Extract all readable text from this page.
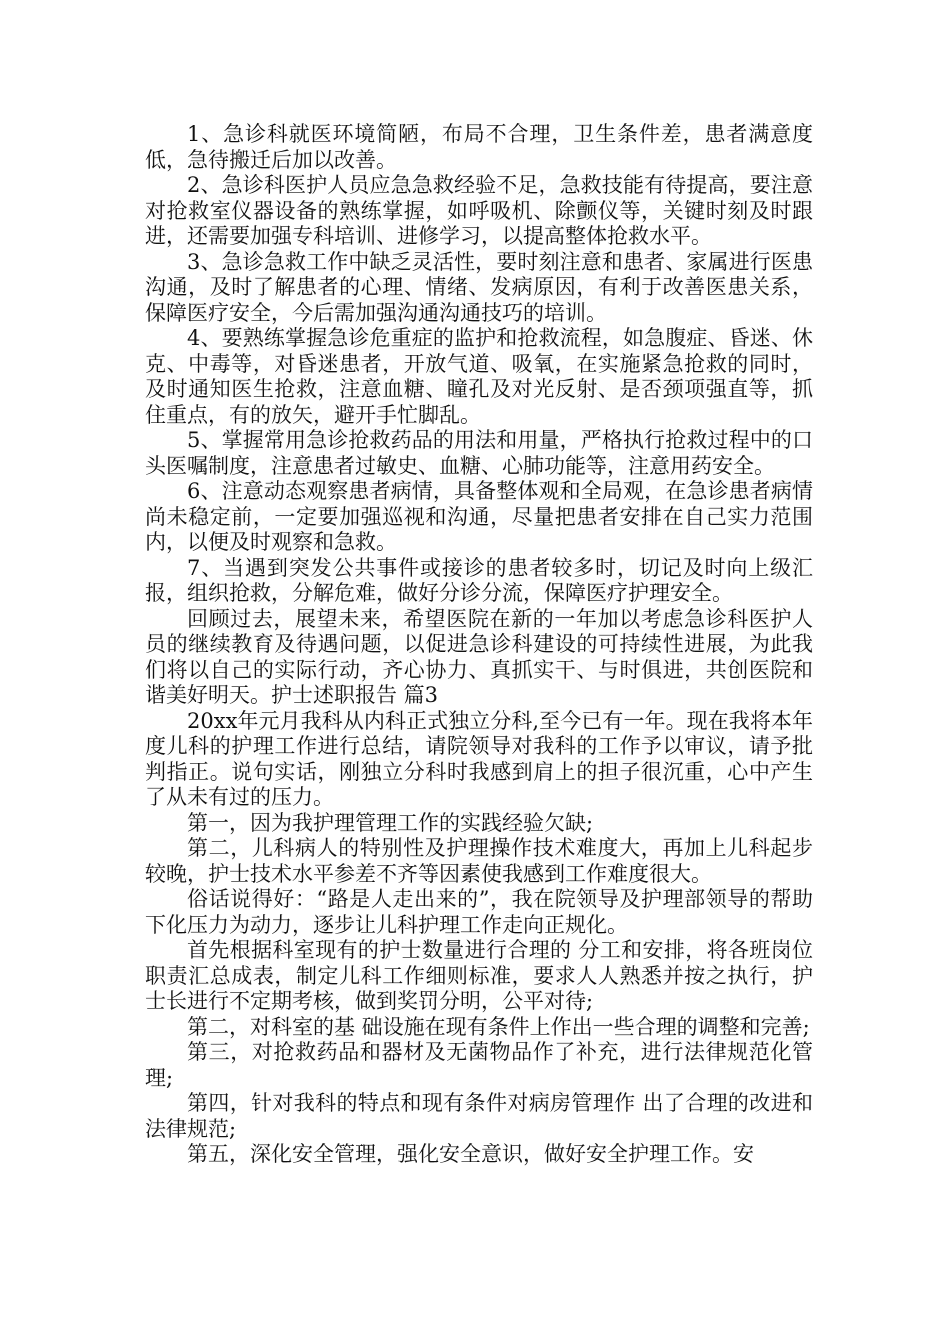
1、急诊科就医环境简陋，布局不合理，卫生条件差，患者满意度低，急待搬迁后加以改善。

2、急诊科医护人员应急急救经验不足，急救技能有待提高，要注意对抢救室仪器设备的熟练掌握，如呼吸机、除颤仪等，关键时刻及时跟进，还需要加强专科培训、进修学习，以提高整体抢救水平。

3、急诊急救工作中缺乏灵活性，要时刻注意和患者、家属进行医患沟通，及时了解患者的心理、情绪、发病原因，有利于改善医患关系，保障医疗安全，今后需加强沟通沟通技巧的培训。

4、要熟练掌握急诊危重症的监护和抢救流程，如急腹症、昏迷、休克、中毒等，对昏迷患者，开放气道、吸氧，在实施紧急抢救的同时，及时通知医生抢救，注意血糖、瞳孔及对光反射、是否颈项强直等，抓住重点，有的放矢，避开手忙脚乱。

5、掌握常用急诊抢救药品的用法和用量，严格执行抢救过程中的口头医嘱制度，注意患者过敏史、血糖、心肺功能等，注意用药安全。

6、注意动态观察患者病情，具备整体观和全局观，在急诊患者病情尚未稳定前，一定要加强巡视和沟通，尽量把患者安排在自己实力范围内，以便及时观察和急救。

7、当遇到突发公共事件或接诊的患者较多时，切记及时向上级汇报，组织抢救，分解危难，做好分诊分流，保障医疗护理安全。

回顾过去，展望未来，希望医院在新的一年加以考虑急诊科医护人员的继续教育及待遇问题，以促进急诊科建设的可持续性进展，为此我们将以自己的实际行动，齐心协力、真抓实干、与时俱进，共创医院和谐美好明天。护士述职报告 篇3

20xx年元月我科从内科正式独立分科,至今已有一年。现在我将本年度儿科的护理工作进行总结，请院领导对我科的工作予以审议，请予批判指正。说句实话，刚独立分科时我感到肩上的担子很沉重，心中产生了从未有过的压力。

第一，因为我护理管理工作的实践经验欠缺;

第二，儿科病人的特别性及护理操作技术难度大，再加上儿科起步较晚，护士技术水平参差不齐等因素使我感到工作难度很大。

俗话说得好：“路是人走出来的”，我在院领导及护理部领导的帮助下化压力为动力，逐步让儿科护理工作走向正规化。

首先根据科室现有的护士数量进行合理的 分工和安排，将各班岗位职责汇总成表，制定儿科工作细则标准，要求人人熟悉并按之执行，护士长进行不定期考核，做到奖罚分明，公平对待;

第二，对科室的基 础设施在现有条件上作出一些合理的调整和完善;

第三，对抢救药品和器材及无菌物品作了补充，进行法律规范化管理;

第四，针对我科的特点和现有条件对病房管理作 出了合理的改进和法律规范;

第五，深化安全管理，强化安全意识，做好安全护理工作。安
